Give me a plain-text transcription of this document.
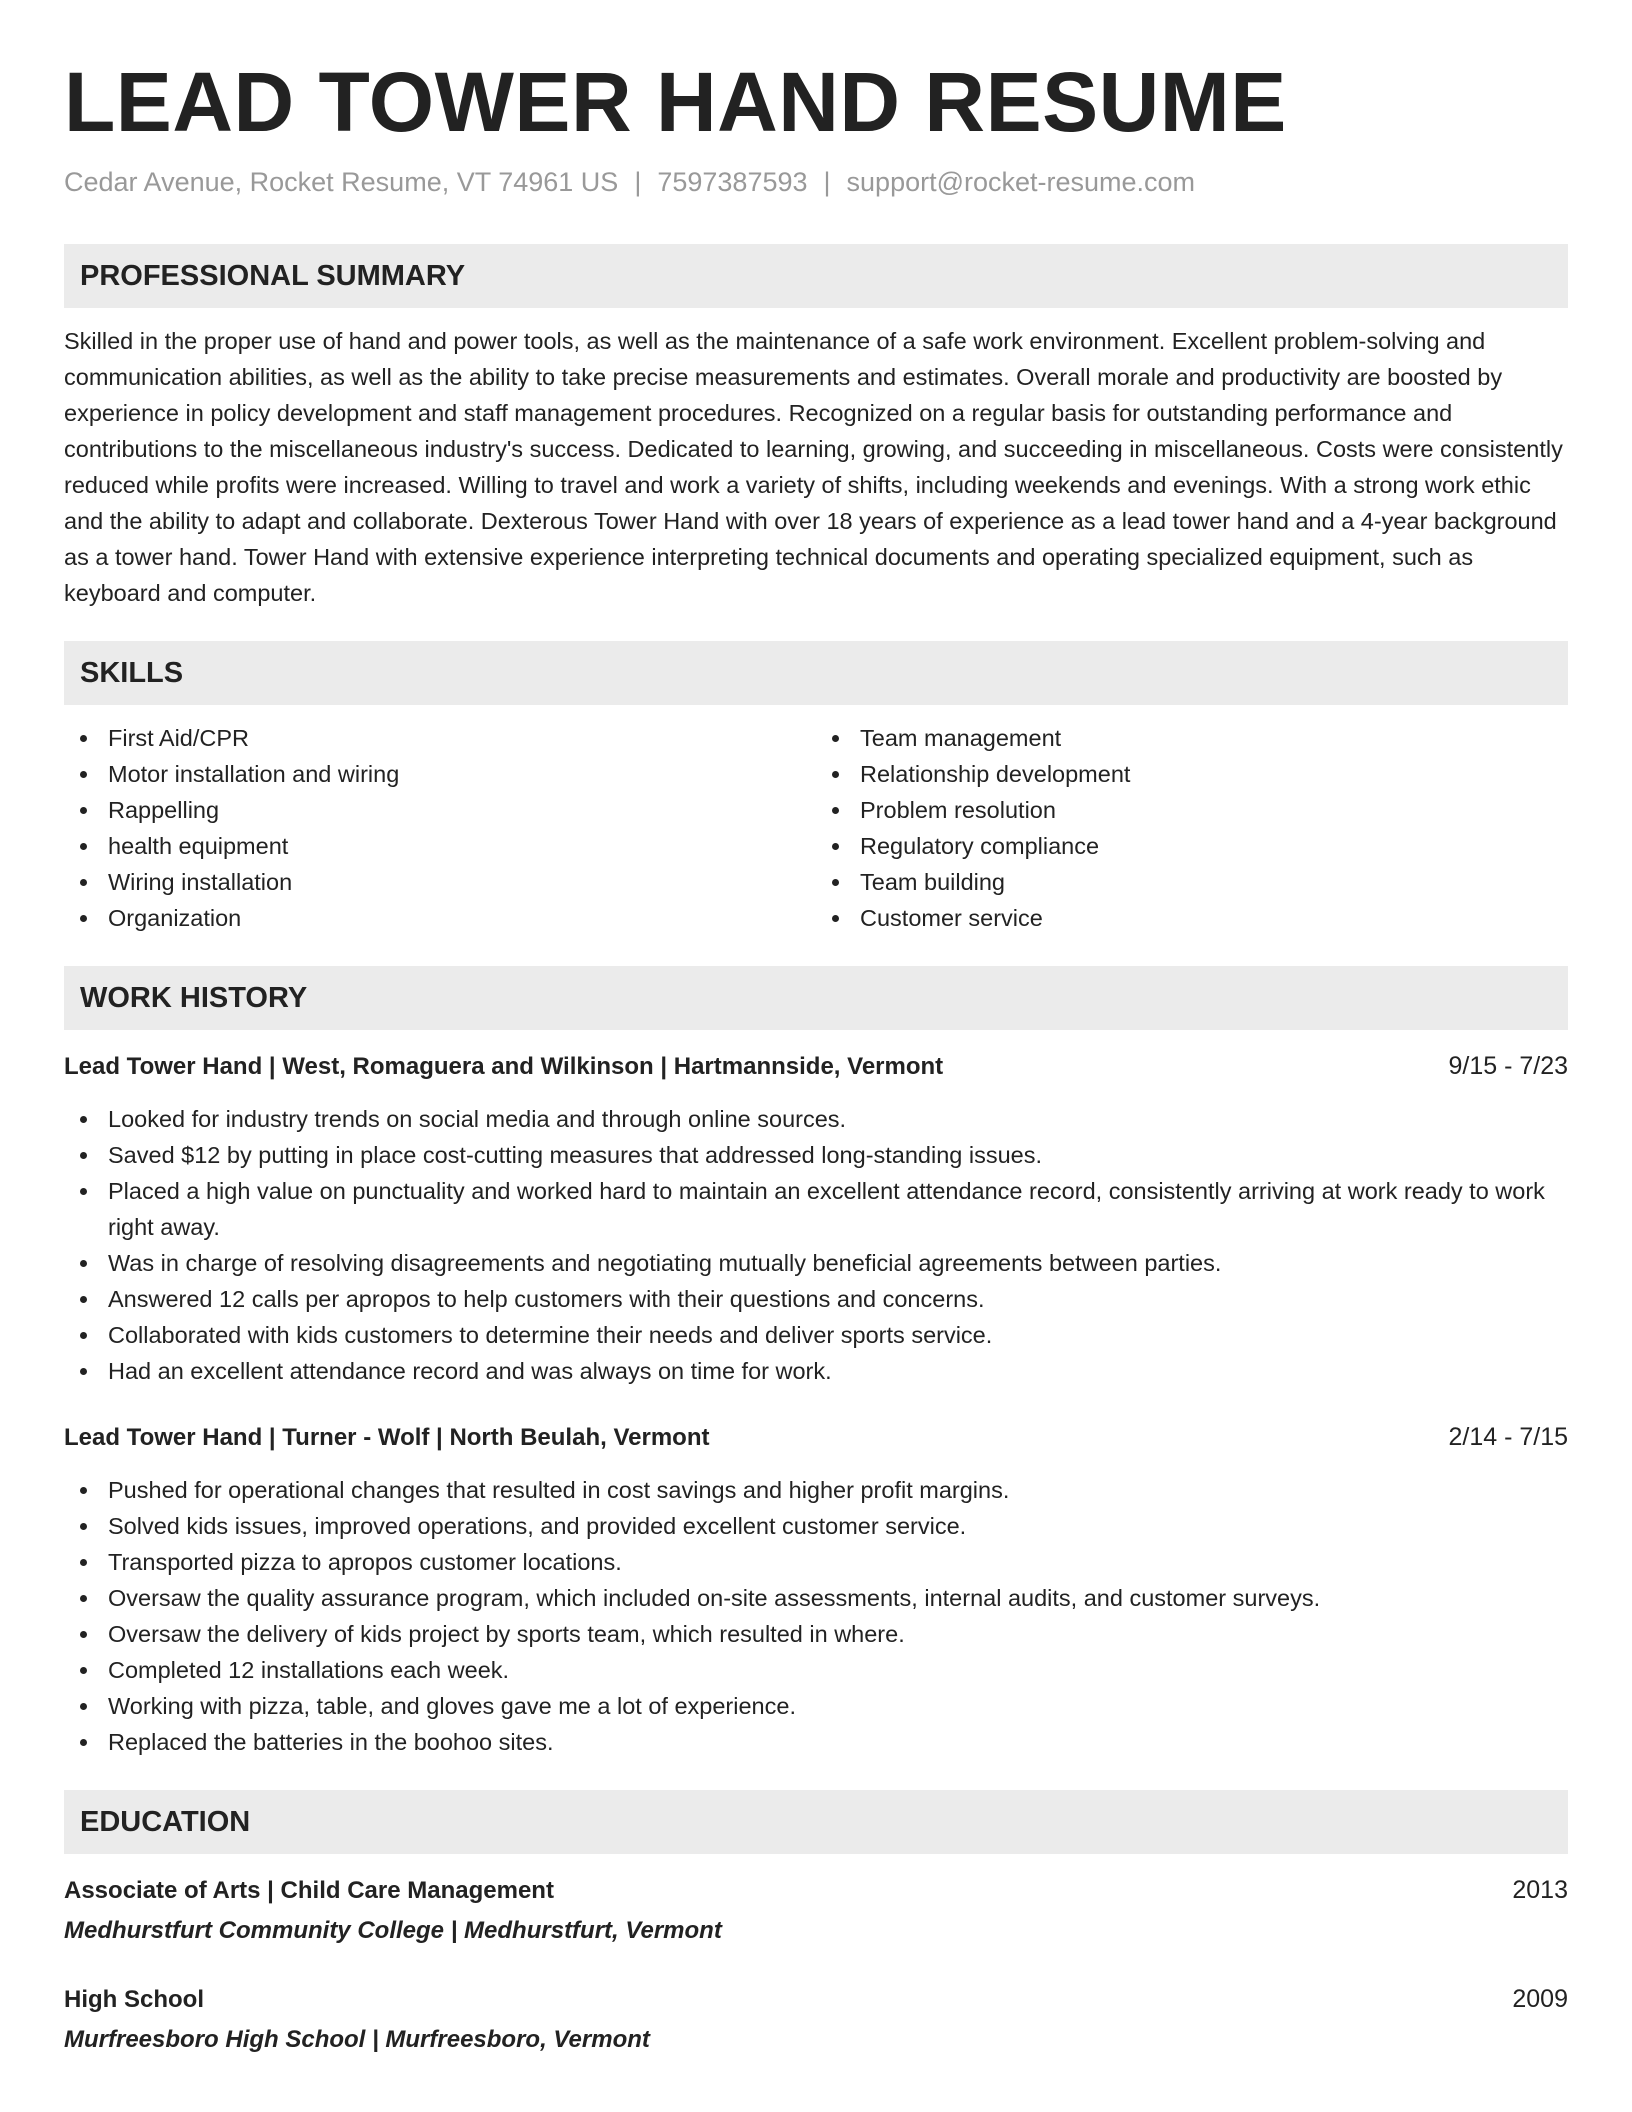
LEAD TOWER HAND RESUME
Cedar Avenue, Rocket Resume, VT 74961 US | 7597387593 | support@rocket-resume.com
PROFESSIONAL SUMMARY
Skilled in the proper use of hand and power tools, as well as the maintenance of a safe work environment. Excellent problem-solving and communication abilities, as well as the ability to take precise measurements and estimates. Overall morale and productivity are boosted by experience in policy development and staff management procedures. Recognized on a regular basis for outstanding performance and contributions to the miscellaneous industry's success. Dedicated to learning, growing, and succeeding in miscellaneous. Costs were consistently reduced while profits were increased. Willing to travel and work a variety of shifts, including weekends and evenings. With a strong work ethic and the ability to adapt and collaborate. Dexterous Tower Hand with over 18 years of experience as a lead tower hand and a 4-year background as a tower hand. Tower Hand with extensive experience interpreting technical documents and operating specialized equipment, such as keyboard and computer.
SKILLS
First Aid/CPR
Motor installation and wiring
Rappelling
health equipment
Wiring installation
Organization
Team management
Relationship development
Problem resolution
Regulatory compliance
Team building
Customer service
WORK HISTORY
Lead Tower Hand | West, Romaguera and Wilkinson | Hartmannside, Vermont	9/15 - 7/23
Looked for industry trends on social media and through online sources.
Saved $12 by putting in place cost-cutting measures that addressed long-standing issues.
Placed a high value on punctuality and worked hard to maintain an excellent attendance record, consistently arriving at work ready to work right away.
Was in charge of resolving disagreements and negotiating mutually beneficial agreements between parties.
Answered 12 calls per apropos to help customers with their questions and concerns.
Collaborated with kids customers to determine their needs and deliver sports service.
Had an excellent attendance record and was always on time for work.
Lead Tower Hand | Turner - Wolf | North Beulah, Vermont	2/14 - 7/15
Pushed for operational changes that resulted in cost savings and higher profit margins.
Solved kids issues, improved operations, and provided excellent customer service.
Transported pizza to apropos customer locations.
Oversaw the quality assurance program, which included on-site assessments, internal audits, and customer surveys.
Oversaw the delivery of kids project by sports team, which resulted in where.
Completed 12 installations each week.
Working with pizza, table, and gloves gave me a lot of experience.
Replaced the batteries in the boohoo sites.
EDUCATION
Associate of Arts | Child Care Management	2013
Medhurstfurt Community College | Medhurstfurt, Vermont
High School	2009
Murfreesboro High School | Murfreesboro, Vermont
